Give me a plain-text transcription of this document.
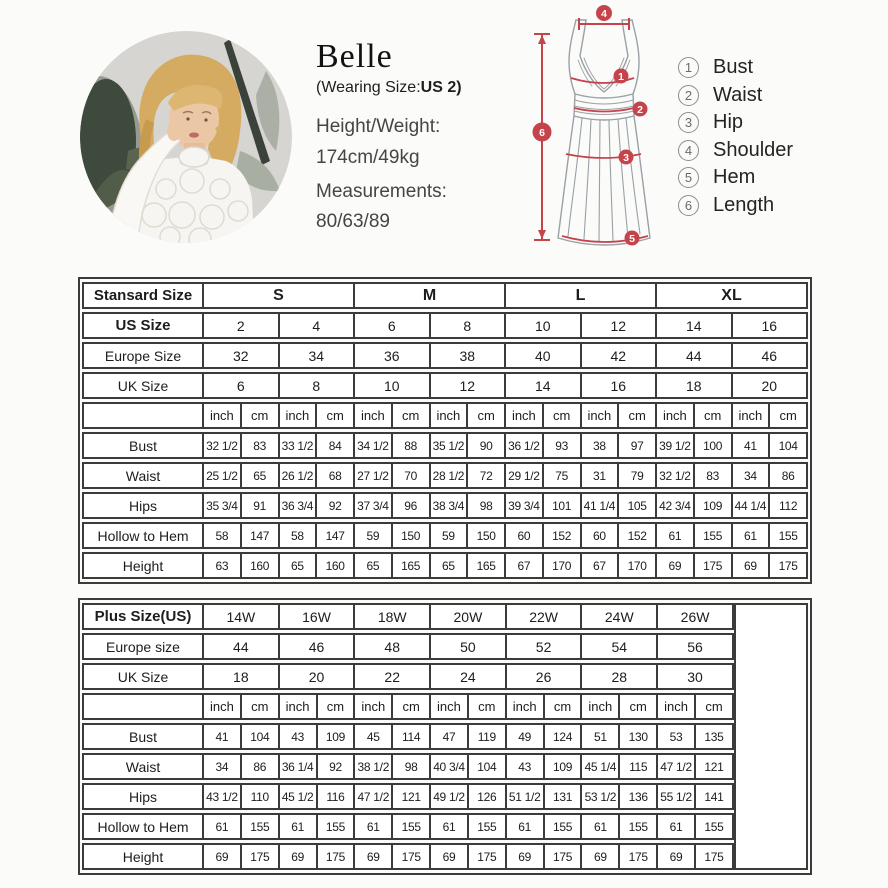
Belle
(Wearing Size:US 2)
Height/Weight:
174cm/49kg
Measurements:
80/63/89
4
1
2
3
5
6
1	Bust
2	Waist
3	Hip
4	Shoulder
5	Hem
6	Length
Stansard Size	S				M				L				XL			
US Size	2		4		6		8		10		12		14		16	
Europe Size	32		34		36		38		40		42		44		46	
UK Size	6		8		10		12		14		16		18		20	
	inch	cm	inch	cm	inch	cm	inch	cm	inch	cm	inch	cm	inch	cm	inch	cm
Bust	32 1/2	83	33 1/2	84	34 1/2	88	35 1/2	90	36 1/2	93	38	97	39 1/2	100	41	104
Waist	25 1/2	65	26 1/2	68	27 1/2	70	28 1/2	72	29 1/2	75	31	79	32 1/2	83	34	86
Hips	35 3/4	91	36 3/4	92	37 3/4	96	38 3/4	98	39 3/4	101	41 1/4	105	42 3/4	109	44 1/4	112
Hollow to Hem	58	147	58	147	59	150	59	150	60	152	60	152	61	155	61	155
Height	63	160	65	160	65	165	65	165	67	170	67	170	69	175	69	175
Plus Size(US)	14W		16W		18W		20W		22W		24W		26W		
Europe size	44		46		48		50		52		54		56		
UK Size	18		20		22		24		26		28		30		
	inch	cm	inch	cm	inch	cm	inch	cm	inch	cm	inch	cm	inch	cm	
Bust	41	104	43	109	45	114	47	119	49	124	51	130	53	135	
Waist	34	86	36 1/4	92	38 1/2	98	40 3/4	104	43	109	45 1/4	115	47 1/2	121	
Hips	43 1/2	110	45 1/2	116	47 1/2	121	49 1/2	126	51 1/2	131	53 1/2	136	55 1/2	141	
Hollow to Hem	61	155	61	155	61	155	61	155	61	155	61	155	61	155	
Height	69	175	69	175	69	175	69	175	69	175	69	175	69	175	
